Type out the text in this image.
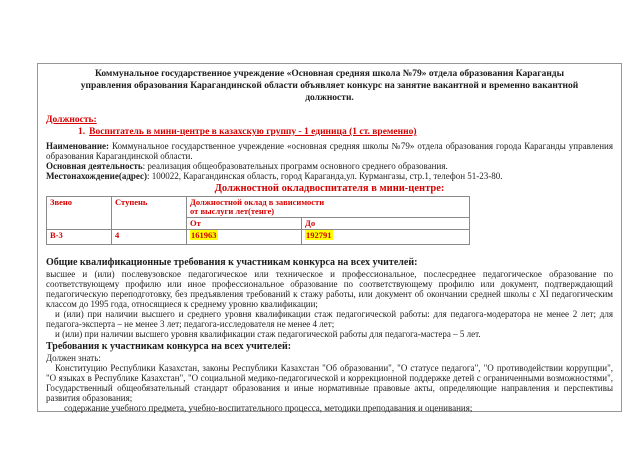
Коммунальное государственное учреждение «Основная средняя школа №79» отдела образования Караганды
управления образования Карагандинской области объявляет конкурс на занятие вакантной и временно вакантной
должности.
Должность:
1. Воспитатель в мини-центре в казахскую группу - 1 единица (1 ст. временно)

Наименование: Коммунальное государственное учреждение «основная средняя школы №79» отдела образования города Караганды управления образования Карагандинской области.

Основная деятельность: реализация общеобразовательных программ основного среднего образования.

Местонахождение(адрес): 100022, Карагандинская область, город Караганда,ул. Курмангазы, стр.1, телефон 51-23-80.

Должностной окладвоспитателя в мини-центре:
Звено	Ступень	Должностной оклад в зависимости
от выслуги лет(тенге)	

		От	До
В-3	4	161963	192791
Общие квалификационные требования к участникам конкурса на всех учителей:

высшее и (или) послевузовское педагогическое или техническое и профессиональное, послесреднее педагогическое образование по соответствующему профилю или иное профессиональное образование по соответствующему профилю или документ, подтверждающий педагогическую переподготовку, без предъявления требований к стажу работы, или документ об окончании средней школы с XI педагогическим классом до 1995 года, относящиеся к среднему уровню квалификации;

и (или) при наличии высшего и среднего уровня квалификации стаж педагогической работы: для педагога-модератора не менее 2 лет; для педагога-эксперта – не менее 3 лет; педагога-исследователя не менее 4 лет;

и (или) при наличии высшего уровня квалификации стаж педагогической работы для педагога-мастера – 5 лет.

Требования к участникам конкурса на всех учителей:

Должен знать:

Конституцию Республики Казахстан, законы Республики Казахстан "Об образовании", "О статусе педагога", "О противодействии коррупции", "О языках в Республике Казахстан", "О социальной медико-педагогической и коррекционной поддержке детей с ограниченными возможностями", Государственный общеобязательный стандарт образования и иные нормативные правовые акты, определяющие направления и перспективы развития образования;

содержание учебного предмета, учебно-воспитательного процесса, методики преподавания и оценивания;
